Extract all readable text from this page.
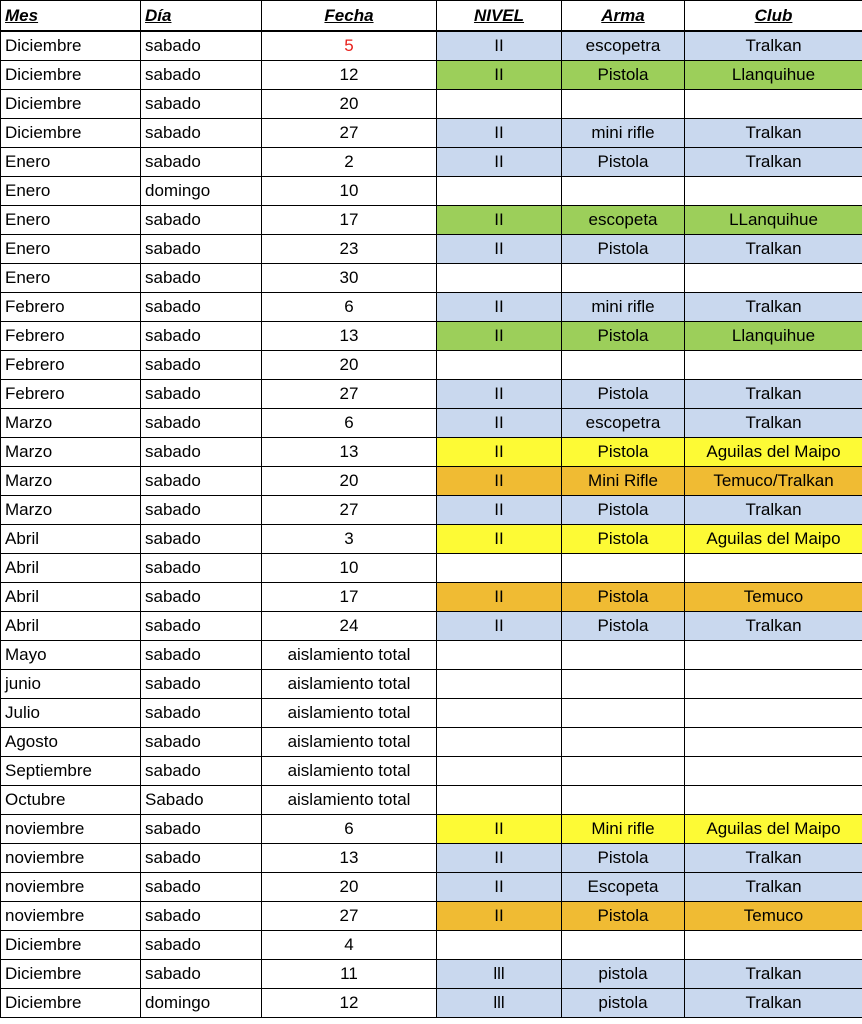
Mes	Día	Fecha	NIVEL	Arma	Club
Diciembre	sabado	5	II	escopetra	Tralkan
Diciembre	sabado	12	II	Pistola	Llanquihue
Diciembre	sabado	20			
Diciembre	sabado	27	II	mini rifle	Tralkan
Enero	sabado	2	II	Pistola	Tralkan
Enero	domingo	10			
Enero	sabado	17	II	escopeta	LLanquihue
Enero	sabado	23	II	Pistola	Tralkan
Enero	sabado	30			
Febrero	sabado	6	II	mini rifle	Tralkan
Febrero	sabado	13	II	Pistola	Llanquihue
Febrero	sabado	20			
Febrero	sabado	27	II	Pistola	Tralkan
Marzo	sabado	6	II	escopetra	Tralkan
Marzo	sabado	13	II	Pistola	Aguilas del Maipo
Marzo	sabado	20	II	Mini Rifle	Temuco/Tralkan
Marzo	sabado	27	II	Pistola	Tralkan
Abril	sabado	3	II	Pistola	Aguilas del Maipo
Abril	sabado	10			
Abril	sabado	17	II	Pistola	Temuco
Abril	sabado	24	II	Pistola	Tralkan
Mayo	sabado	aislamiento total			
junio	sabado	aislamiento total			
Julio	sabado	aislamiento total			
Agosto	sabado	aislamiento total			
Septiembre	sabado	aislamiento total			
Octubre	Sabado	aislamiento total			
noviembre	sabado	6	II	Mini rifle	Aguilas del Maipo
noviembre	sabado	13	II	Pistola	Tralkan
noviembre	sabado	20	II	Escopeta	Tralkan
noviembre	sabado	27	II	Pistola	Temuco
Diciembre	sabado	4			
Diciembre	sabado	11	lll	pistola	Tralkan
Diciembre	domingo	12	lll	pistola	Tralkan
